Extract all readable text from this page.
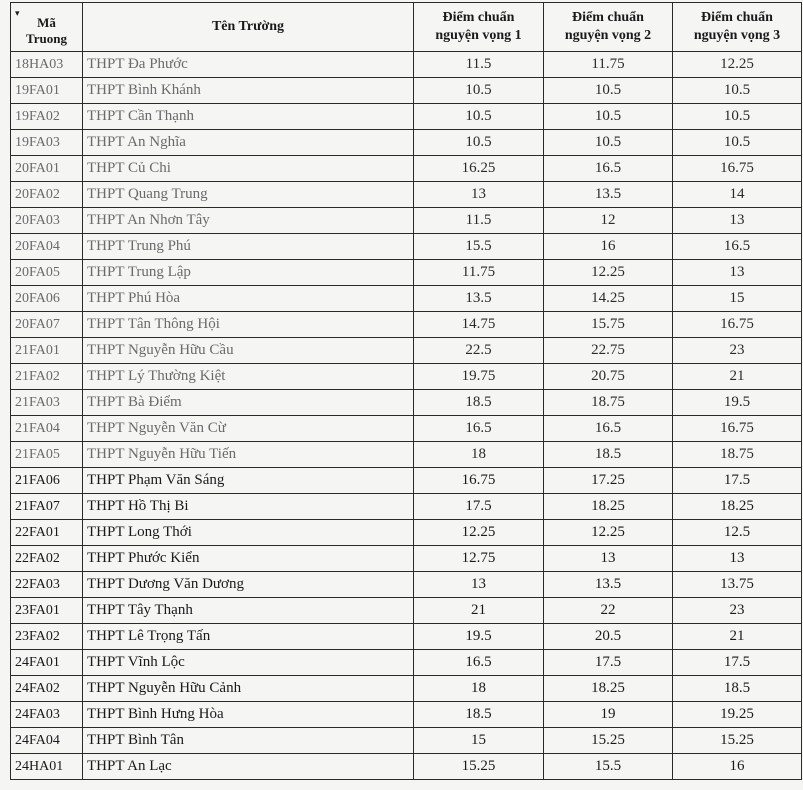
▾
Mã Truong	Tên Trường	Điểm chuẩn nguyện vọng 1	Điểm chuẩn nguyện vọng 2	Điểm chuẩn nguyện vọng 3
18HA03	THPT Đa Phước	11.5	11.75	12.25
19FA01	THPT Bình Khánh	10.5	10.5	10.5
19FA02	THPT Cần Thạnh	10.5	10.5	10.5
19FA03	THPT An Nghĩa	10.5	10.5	10.5
20FA01	THPT Củ Chi	16.25	16.5	16.75
20FA02	THPT Quang Trung	13	13.5	14
20FA03	THPT An Nhơn Tây	11.5	12	13
20FA04	THPT Trung Phú	15.5	16	16.5
20FA05	THPT Trung Lập	11.75	12.25	13
20FA06	THPT Phú Hòa	13.5	14.25	15
20FA07	THPT Tân Thông Hội	14.75	15.75	16.75
21FA01	THPT Nguyễn Hữu Cầu	22.5	22.75	23
21FA02	THPT Lý Thường Kiệt	19.75	20.75	21
21FA03	THPT Bà Điểm	18.5	18.75	19.5
21FA04	THPT Nguyễn Văn Cừ	16.5	16.5	16.75
21FA05	THPT Nguyễn Hữu Tiến	18	18.5	18.75
21FA06	THPT Phạm Văn Sáng	16.75	17.25	17.5
21FA07	THPT Hồ Thị Bi	17.5	18.25	18.25
22FA01	THPT Long Thới	12.25	12.25	12.5
22FA02	THPT Phước Kiển	12.75	13	13
22FA03	THPT Dương Văn Dương	13	13.5	13.75
23FA01	THPT Tây Thạnh	21	22	23
23FA02	THPT Lê Trọng Tấn	19.5	20.5	21
24FA01	THPT Vĩnh Lộc	16.5	17.5	17.5
24FA02	THPT Nguyễn Hữu Cảnh	18	18.25	18.5
24FA03	THPT Bình Hưng Hòa	18.5	19	19.25
24FA04	THPT Bình Tân	15	15.25	15.25
24HA01	THPT An Lạc	15.25	15.5	16
